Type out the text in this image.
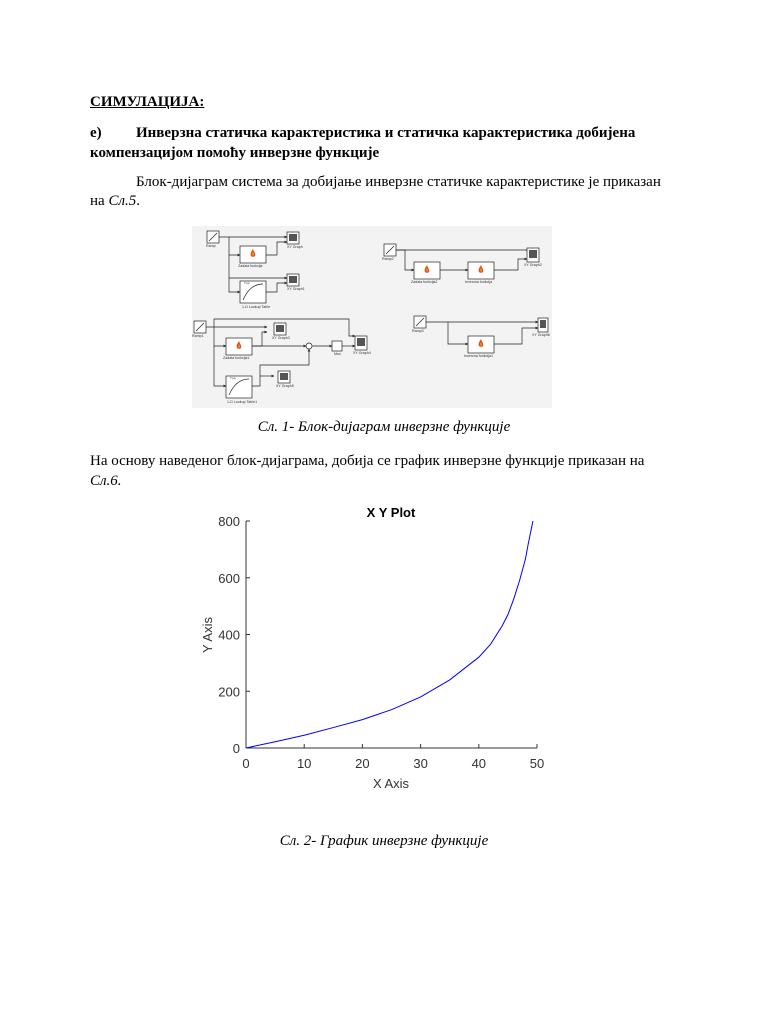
СИМУЛАЦИЈА:
е) Инверзна статичка карактеристика и статичка карактеристика добијена
компензацијом помоћу инверзне функције
Блок-дијаграм система за добијање инверзне статичке карактеристике је приказан
на Сл.5.
Ramp
Zadata funkcija
XY Graph
T(u)
1-D Lookup Table
XY Graph1
Ramp2
Zadata funkcija2	Inverzna funkcija
XY Graph2
Ramp1
Zadata funkcija1
XY Graph3
Mux	XY Graph4
T(u)
1-D Lookup Table1
XY Graph5
Ramp3
Inverzna funkcija1
XY Graph6
Сл. 1- Блок-дијаграм инверзне функције
На основу наведеног блок-дијаграма, добија се график инверзне функције приказан на
Сл.6.
X Y Plot
X Axis
Y Axis
0	10	20	30	40	50
0
200
400
600
800
Сл. 2- График инверзне функције
